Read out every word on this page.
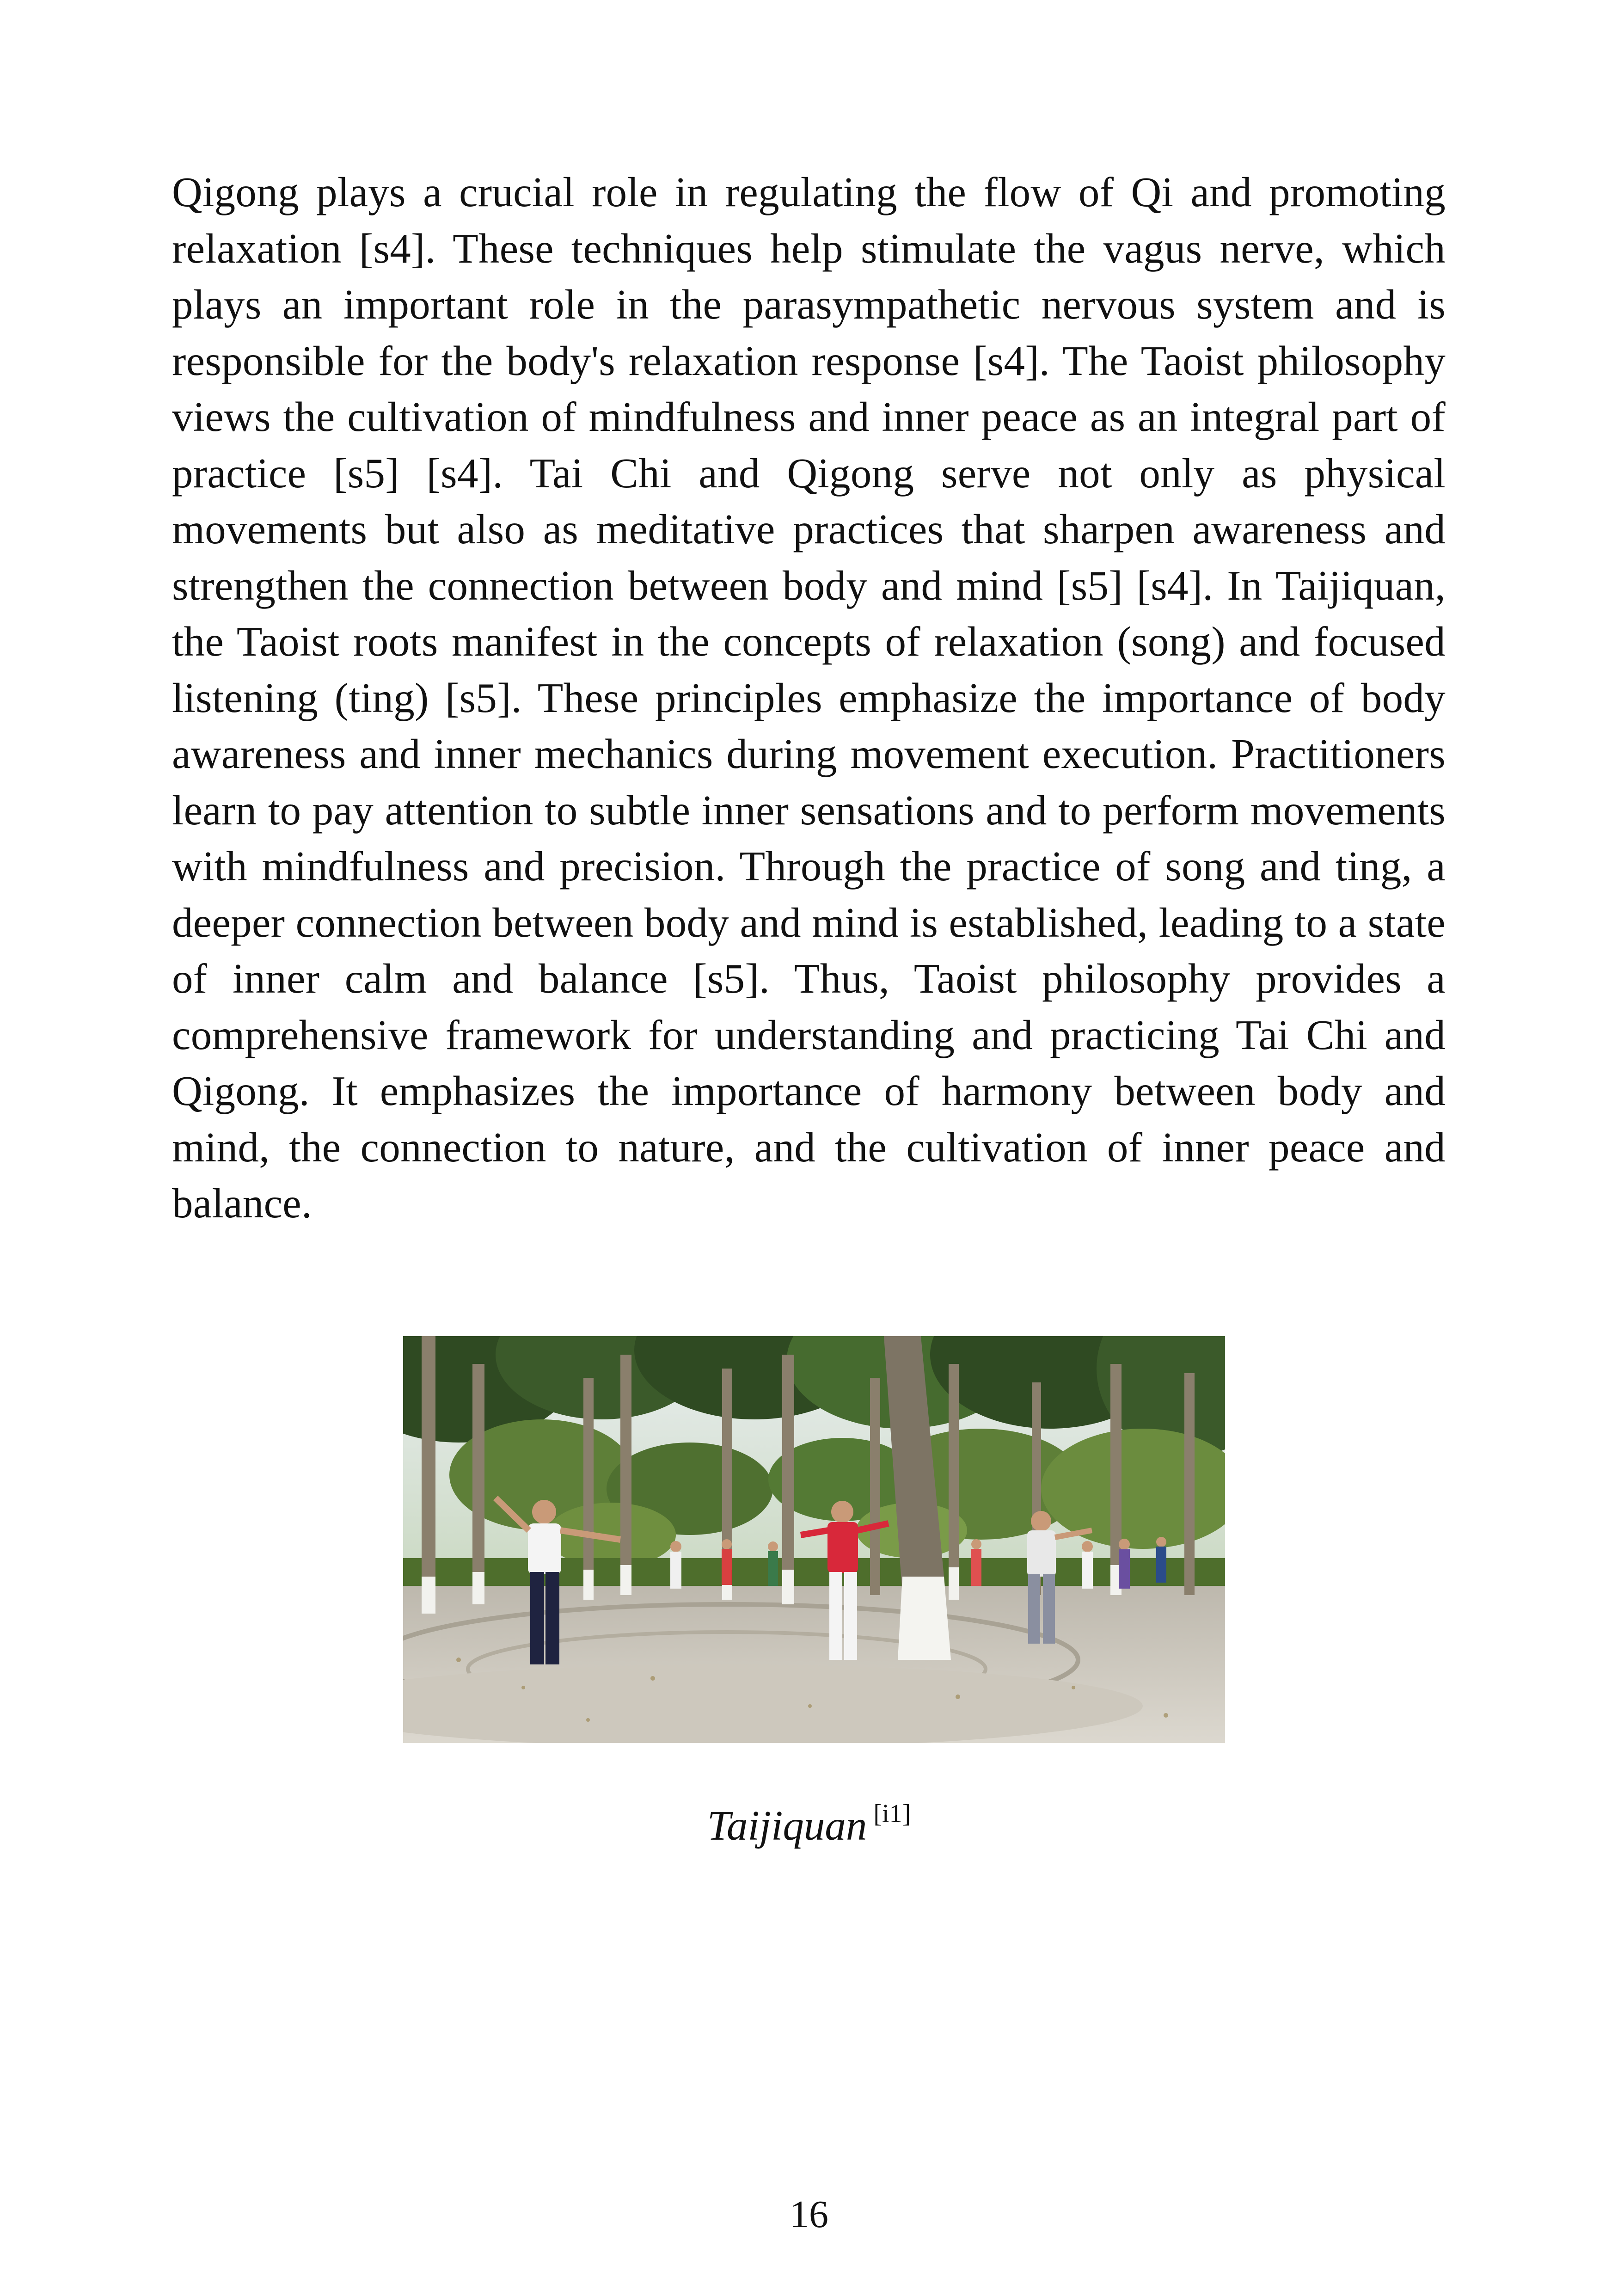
Qigong plays a crucial role in regulating the flow of Qi and promoting relaxation [s4]. These techniques help stimulate the vagus nerve, which plays an important role in the parasympathetic nervous system and is responsible for the body's relaxation response [s4]. The Taoist philosophy views the cultivation of mindfulness and inner peace as an integral part of practice [s5] [s4]. Tai Chi and Qigong serve not only as physical movements but also as meditative practices that sharpen awareness and strengthen the connection between body and mind [s5] [s4]. In Taijiquan, the Taoist roots manifest in the concepts of relaxation (song) and focused listening (ting) [s5]. These principles emphasize the importance of body awareness and inner mechanics during movement execution. Practitioners learn to pay attention to subtle inner sensations and to perform movements with mindfulness and precision. Through the practice of song and ting, a deeper connection between body and mind is established, leading to a state of inner calm and balance [s5]. Thus, Taoist philosophy provides a comprehensive framework for understanding and practicing Tai Chi and Qigong. It emphasizes the importance of harmony between body and mind, the connection to nature, and the cultivation of inner peace and balance.

Taijiquan [i1]
16
